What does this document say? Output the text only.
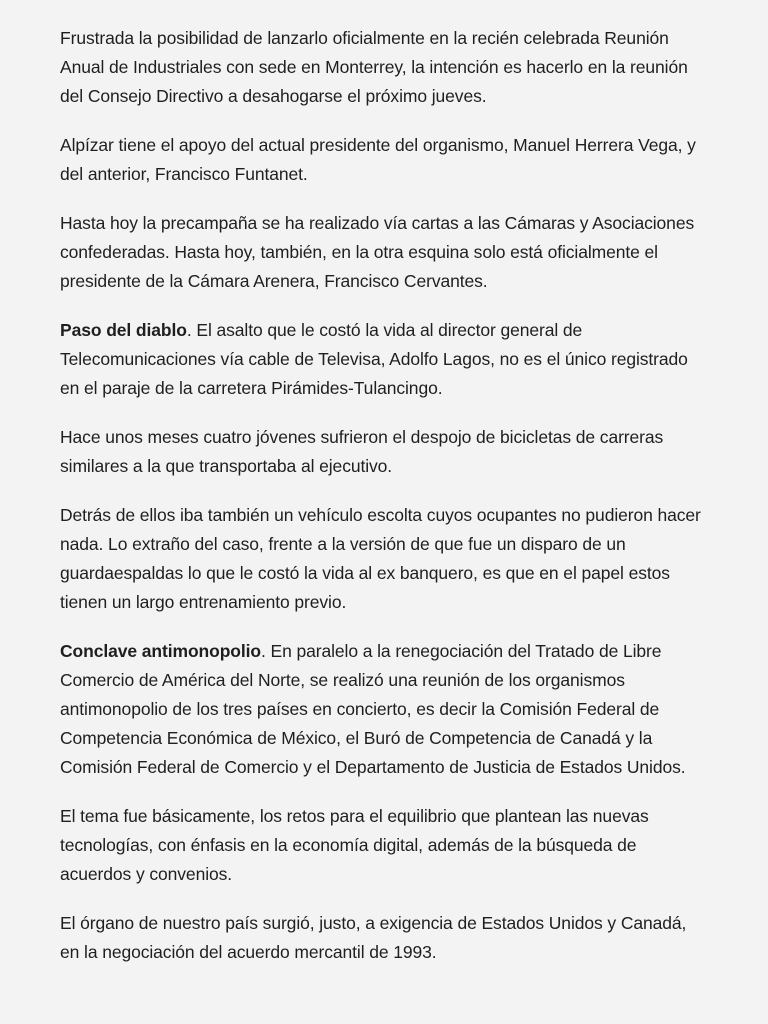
Frustrada la posibilidad de lanzarlo oficialmente en la recién celebrada Reunión Anual de Industriales con sede en Monterrey, la intención es hacerlo en la reunión del Consejo Directivo a desahogarse el próximo jueves.

Alpízar tiene el apoyo del actual presidente del organismo, Manuel Herrera Vega, y del anterior, Francisco Funtanet.

Hasta hoy la precampaña se ha realizado vía cartas a las Cámaras y Asociaciones confederadas. Hasta hoy, también, en la otra esquina solo está oficialmente el presidente de la Cámara Arenera, Francisco Cervantes.

Paso del diablo. El asalto que le costó la vida al director general de Telecomunicaciones vía cable de Televisa, Adolfo Lagos, no es el único registrado en el paraje de la carretera Pirámides-Tulancingo.

Hace unos meses cuatro jóvenes sufrieron el despojo de bicicletas de carreras similares a la que transportaba al ejecutivo.

Detrás de ellos iba también un vehículo escolta cuyos ocupantes no pudieron hacer nada. Lo extraño del caso, frente a la versión de que fue un disparo de un guardaespaldas lo que le costó la vida al ex banquero, es que en el papel estos tienen un largo entrenamiento previo.

Conclave antimonopolio. En paralelo a la renegociación del Tratado de Libre Comercio de América del Norte, se realizó una reunión de los organismos antimonopolio de los tres países en concierto, es decir la Comisión Federal de Competencia Económica de México, el Buró de Competencia de Canadá y la Comisión Federal de Comercio y el Departamento de Justicia de Estados Unidos.

El tema fue básicamente, los retos para el equilibrio que plantean las nuevas tecnologías, con énfasis en la economía digital, además de la búsqueda de acuerdos y convenios.

El órgano de nuestro país surgió, justo, a exigencia de Estados Unidos y Canadá, en la negociación del acuerdo mercantil de 1993.
